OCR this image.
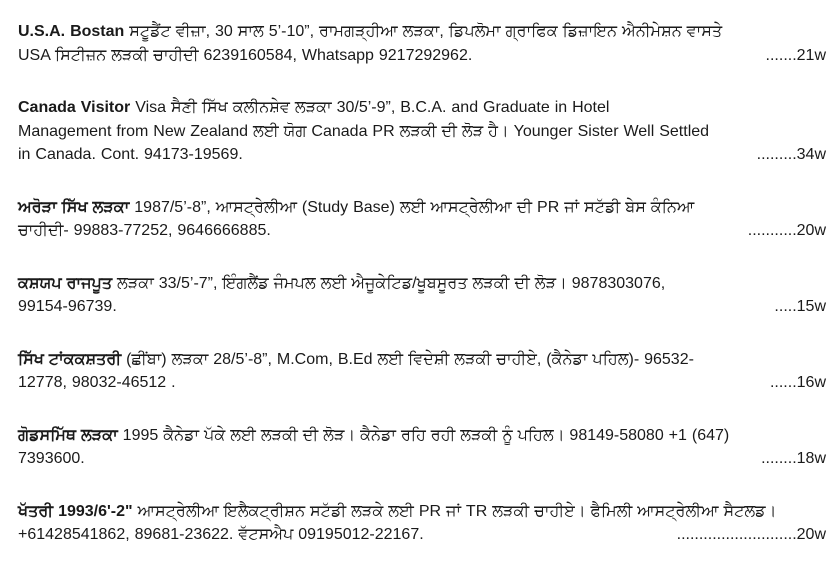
U.S.A. Bostan ਸਟੂਡੈਂਟ ਵੀਜ਼ਾ, 30 ਸਾਲ 5’-10”, ਰਾਮਗੜ੍ਹੀਆ ਲੜਕਾ, ਡਿਪਲੋਮਾ ਗ੍ਰਾਫਿਕ ਡਿਜ਼ਾਇਨ ਐਨੀਮੇਸ਼ਨ ਵਾਸਤੇ
USA ਸਿਟੀਜ਼ਨ ਲੜਕੀ ਚਾਹੀਦੀ 6239160584, Whatsapp 9217292962.	.......21w
Canada Visitor Visa ਸੈਣੀ ਸਿੱਖ ਕਲੀਨਸ਼ੇਵ ਲੜਕਾ 30/5’-9”, B.C.A. and Graduate in Hotel
Management from New Zealand ਲਈ ਯੋਗ Canada PR ਲੜਕੀ ਦੀ ਲੋੜ ਹੈ। Younger Sister Well Settled
in Canada. Cont. 94173-19569.	.........34w
ਅਰੋੜਾ ਸਿੱਖ ਲੜਕਾ 1987/5’-8”, ਆਸਟ੍ਰੇਲੀਆ (Study Base) ਲਈ ਆਸਟ੍ਰੇਲੀਆ ਦੀ PR ਜਾਂ ਸਟੱਡੀ ਬੇਸ ਕੰਨਿਆ
ਚਾਹੀਦੀ- 99883-77252, 9646666885.	...........20w
ਕਸ਼ਯਪ ਰਾਜਪੂਤ ਲੜਕਾ 33/5’-7”, ਇੰਗਲੈਂਡ ਜੰਮਪਲ ਲਈ ਐਜੂਕੇਟਿਡ/ਖੂਬਸੂਰਤ ਲੜਕੀ ਦੀ ਲੋੜ। 9878303076,
99154-96739.	.....15w
ਸਿੱਖ ਟਾਂਕਕਸ਼ਤਰੀ (ਛੀਂਬਾ) ਲੜਕਾ 28/5’-8”, M.Com, B.Ed ਲਈ ਵਿਦੇਸ਼ੀ ਲੜਕੀ ਚਾਹੀਏ, (ਕੈਨੇਡਾ ਪਹਿਲ)- 96532-
12778, 98032-46512 .	......16w
ਗੋਡਸਮਿੱਥ ਲੜਕਾ 1995 ਕੈਨੇਡਾ ਪੱਕੇ ਲਈ ਲੜਕੀ ਦੀ ਲੋੜ। ਕੈਨੇਡਾ ਰਹਿ ਰਹੀ ਲੜਕੀ ਨੂੰ ਪਹਿਲ। 98149-58080 +1 (647)
7393600.	........18w
ਖੱਤਰੀ 1993/6'-2" ਆਸਟ੍ਰੇਲੀਆ ਇਲੈਕਟ੍ਰੀਸ਼ਨ ਸਟੱਡੀ ਲੜਕੇ ਲਈ PR ਜਾਂ TR ਲੜਕੀ ਚਾਹੀਏ। ਫੈਮਿਲੀ ਆਸਟ੍ਰੇਲੀਆ ਸੈਟਲਡ।
+61428541862, 89681-23622. ਵੱਟਸਐਪ 09195012-22167.	...........................20w
